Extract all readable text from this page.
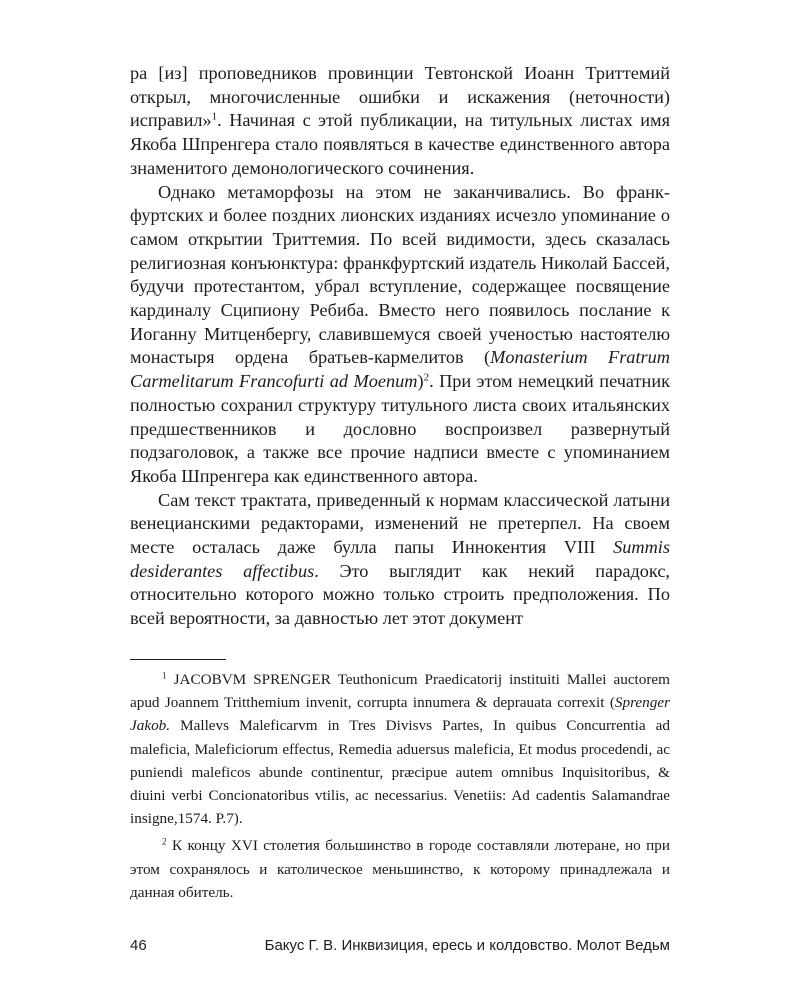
ра [из] проповедников провинции Тевтонской Иоанн Триттемий открыл, многочисленные ошибки и искажения (неточности) исправил»$^1$. Начиная с этой публикации, на титульных листах имя Якоба Шпренгера стало появляться в качестве единственного автора знаменитого демонологического сочинения.

Однако метаморфозы на этом не заканчивались. Во франкфуртских и более поздних лионских изданиях исчезло упоминание о самом открытии Триттемия. По всей видимости, здесь сказалась религиозная конъюнктура: франкфуртский издатель Николай Бассей, будучи протестантом, убрал вступление, содержащее посвящение кардиналу Сципиону Ребиба. Вместо него появилось послание к Иоганну Митценбергу, славившемуся своей ученостью настоятелю монастыря ордена братьев-кармелитов (Monasterium Fratrum Carmelitarum Francofurti ad Moenum)$^2$. При этом немецкий печатник полностью сохранил структуру титульного листа своих итальянских предшественников и дословно воспроизвел развернутый подзаголовок, а также все прочие надписи вместе с упоминанием Якоба Шпренгера как единственного автора.

Сам текст трактата, приведенный к нормам классической латыни венецианскими редакторами, изменений не претерпел. На своем месте осталась даже булла папы Иннокентия VIII Summis desiderantes affectibus. Это выглядит как некий парадокс, относительно которого можно только строить предположения. По всей вероятности, за давностью лет этот документ

$^1$ JACOBVM SPRENGER Teuthonicum Praedicatorij instituiti Mallei auctorem apud Joannem Tritthemium invenit, corrupta innumera & deprauata correxit (Sprenger Jakob. Mallevs Maleficarvm in Tres Divisvs Partes, In quibus Concurrentia ad maleficia, Maleficiorum effectus, Remedia aduersus maleficia, Et modus procedendi, ac puniendi maleficos abunde continentur, præcipue autem omnibus Inquisitoribus, & diuini verbi Concionatoribus vtilis, ac necessarius. Venetiis: Ad cadentis Salamandrae insigne,1574. P.7).

$^2$ К концу XVI столетия большинство в городе составляли лютеране, но при этом сохранялось и католическое меньшинство, к которому принадлежала и данная обитель.

46	Бакус Г. В. Инквизиция, ересь и колдовство. Молот Ведьм
